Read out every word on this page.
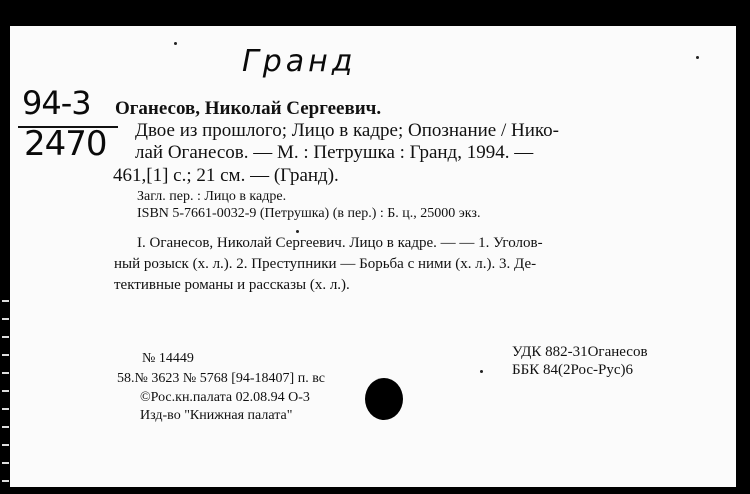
Гранд
94-3
2470
Оганесов, Николай Сергеевич.
Двое из прошлого; Лицо в кадре; Опознание / Нико-
лай Оганесов. — М. : Петрушка : Гранд, 1994. —
461,[1] с.; 21 см. — (Гранд).
Загл. пер. : Лицо в кадре.
ISBN 5-7661-0032-9 (Петрушка) (в пер.) : Б. ц., 25000 экз.
I. Оганесов, Николай Сергеевич. Лицо в кадре. — — 1. Уголов-
ный розыск (х. л.). 2. Преступники — Борьба с ними (х. л.). 3. Де-
тективные романы и рассказы (х. л.).
№ 14449
58.№ 3623 № 5768 [94-18407] п. вс
©Рос.кн.палата 02.08.94 О-3
Изд-во "Книжная палата"
УДК 882-31Оганесов
ББК 84(2Рос-Рус)6
